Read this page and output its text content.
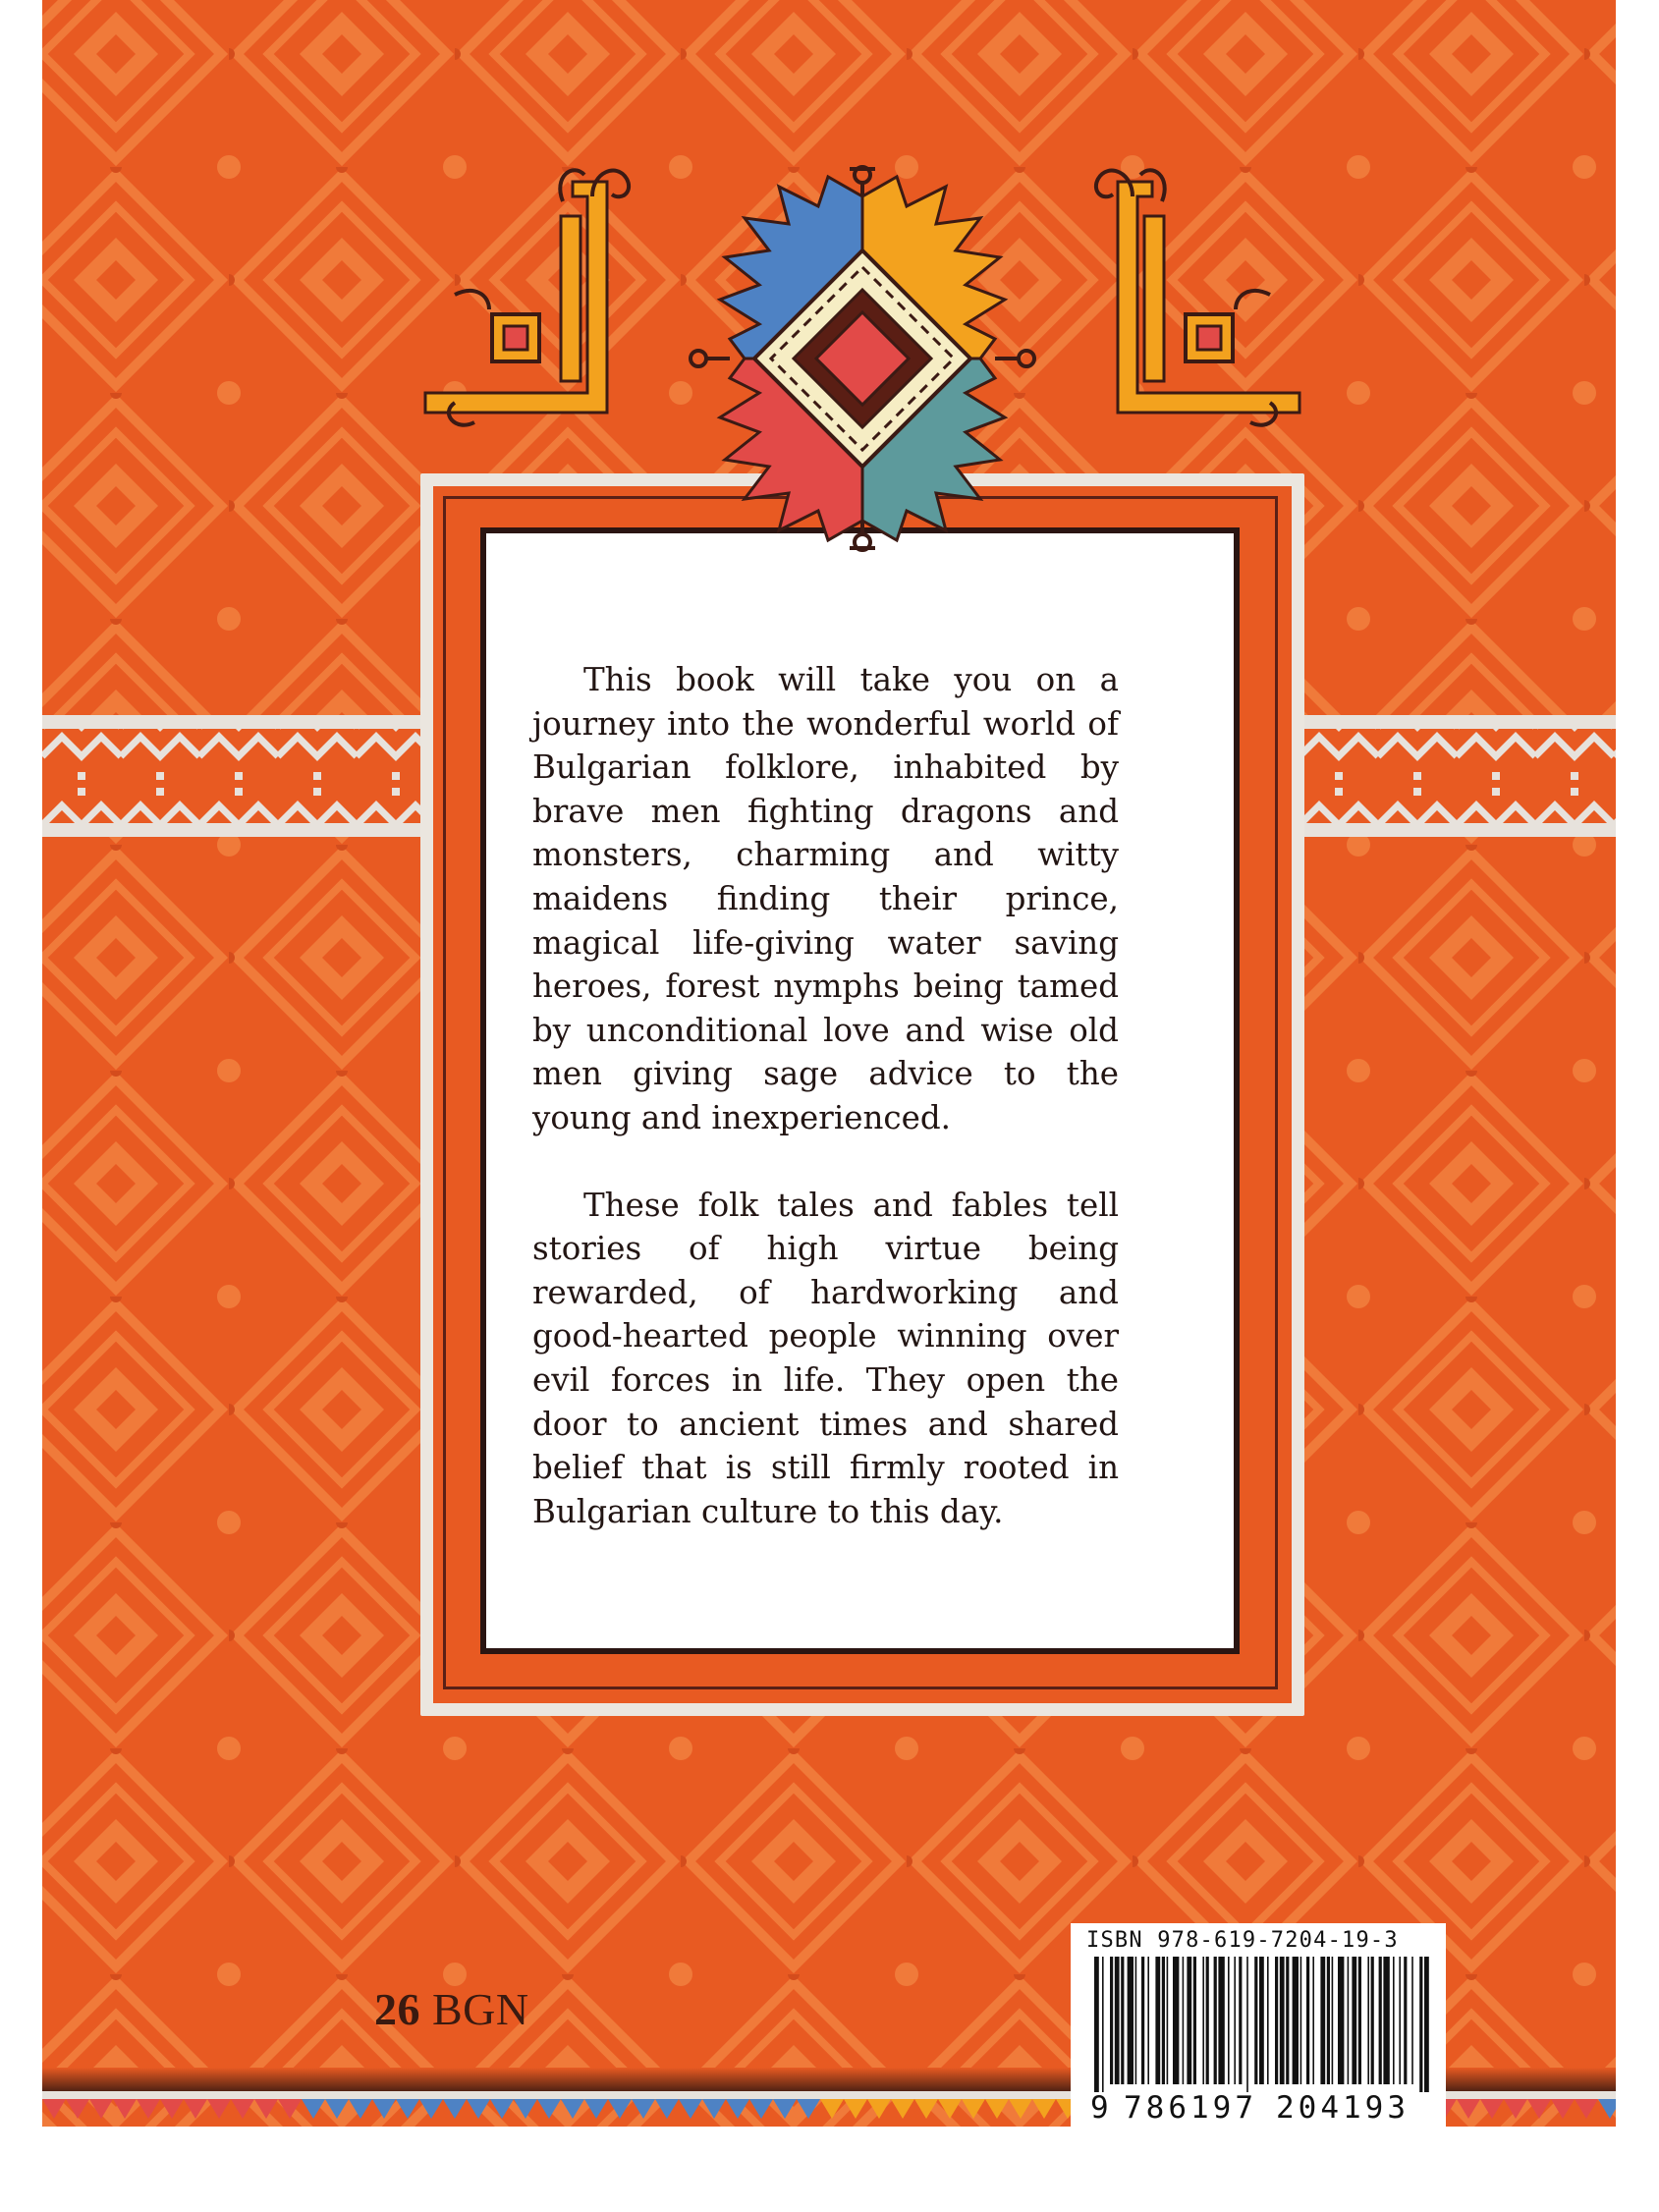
This book will take you on a journey into the wonderful world of Bulgarian folklore, inhabited by brave men fighting dragons and monsters, charming and witty maidens finding their prince, magical life-giving water saving heroes, forest nymphs being tamed by unconditional love and wise old men giving sage advice to the young and inexperienced.

These folk tales and fables tell stories of high virtue being rewarded, of hardworking and good-hearted people winning over evil forces in life. They open the door to ancient times and shared belief that is still firmly rooted in Bulgarian culture to this day.

26 BGN
ISBN 978-619-7204-19-3
9 786197 204193
